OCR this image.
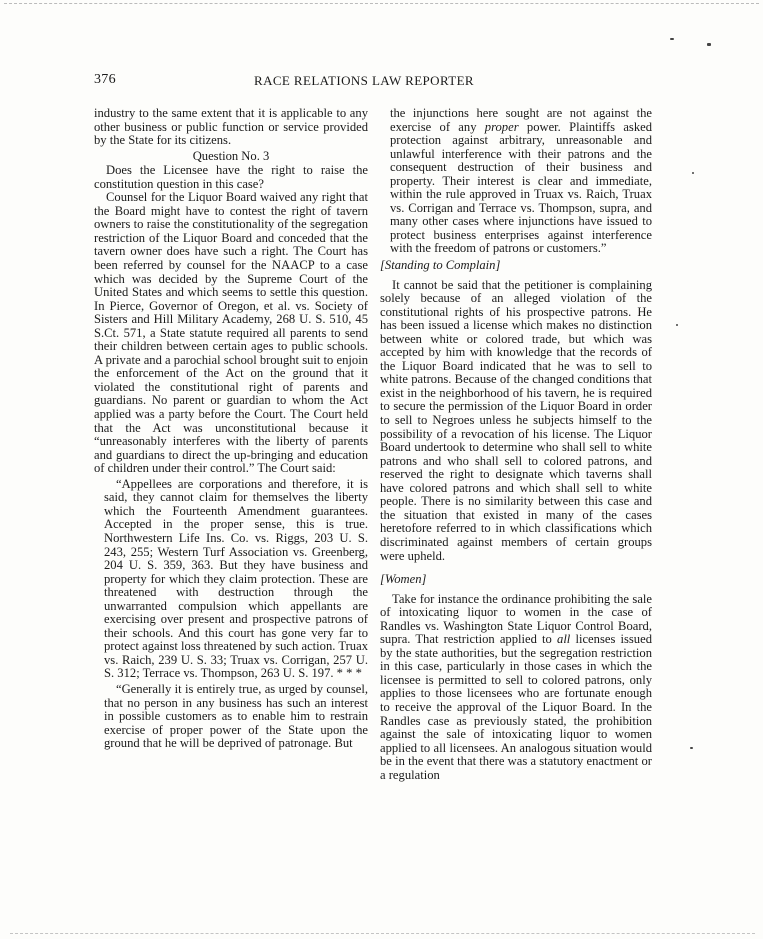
376	RACE RELATIONS LAW REPORTER

industry to the same extent that it is applicable to any other business or public function or service provided by the State for its citizens.

Question No. 3

Does the Licensee have the right to raise the constitution question in this case?

Counsel for the Liquor Board waived any right that the Board might have to contest the right of tavern owners to raise the constitutionality of the segregation restriction of the Liquor Board and conceded that the tavern owner does have such a right. The Court has been referred by counsel for the NAACP to a case which was decided by the Supreme Court of the United States and which seems to settle this question. In Pierce, Governor of Oregon, et al. vs. Society of Sisters and Hill Military Academy, 268 U. S. 510, 45 S.Ct. 571, a State statute required all parents to send their children between certain ages to public schools. A private and a parochial school brought suit to enjoin the enforcement of the Act on the ground that it violated the constitutional right of parents and guardians. No parent or guardian to whom the Act applied was a party before the Court. The Court held that the Act was unconstitutional because it “unreasonably interferes with the liberty of parents and guardians to direct the up-bringing and education of children under their control.” The Court said:

“Appellees are corporations and therefore, it is said, they cannot claim for themselves the liberty which the Fourteenth Amendment guarantees. Accepted in the proper sense, this is true. Northwestern Life Ins. Co. vs. Riggs, 203 U. S. 243, 255; Western Turf Association vs. Greenberg, 204 U. S. 359, 363. But they have business and property for which they claim protection. These are threatened with destruction through the unwarranted compulsion which appellants are exercising over present and prospective patrons of their schools. And this court has gone very far to protect against loss threatened by such action. Truax vs. Raich, 239 U. S. 33; Truax vs. Corrigan, 257 U. S. 312; Terrace vs. Thompson, 263 U. S. 197. * * *

“Generally it is entirely true, as urged by counsel, that no person in any business has such an interest in possible customers as to enable him to restrain exercise of proper power of the State upon the ground that he will be deprived of patronage. But

the injunctions here sought are not against the exercise of any proper power. Plaintiffs asked protection against arbitrary, unreasonable and unlawful interference with their patrons and the consequent destruction of their business and property. Their interest is clear and immediate, within the rule approved in Truax vs. Raich, Truax vs. Corrigan and Terrace vs. Thompson, supra, and many other cases where injunctions have issued to protect business enterprises against interference with the freedom of patrons or customers.”

[Standing to Complain]

It cannot be said that the petitioner is complaining solely because of an alleged violation of the constitutional rights of his prospective patrons. He has been issued a license which makes no distinction between white or colored trade, but which was accepted by him with knowledge that the records of the Liquor Board indicated that he was to sell to white patrons. Because of the changed conditions that exist in the neighborhood of his tavern, he is required to secure the permission of the Liquor Board in order to sell to Negroes unless he subjects himself to the possibility of a revocation of his license. The Liquor Board undertook to determine who shall sell to white patrons and who shall sell to colored patrons, and reserved the right to designate which taverns shall have colored patrons and which shall sell to white people. There is no similarity between this case and the situation that existed in many of the cases heretofore referred to in which classifications which discriminated against members of certain groups were upheld.

[Women]

Take for instance the ordinance prohibiting the sale of intoxicating liquor to women in the case of Randles vs. Washington State Liquor Control Board, supra. That restriction applied to all licenses issued by the state authorities, but the segregation restriction in this case, particularly in those cases in which the licensee is permitted to sell to colored patrons, only applies to those licensees who are fortunate enough to receive the approval of the Liquor Board. In the Randles case as previously stated, the prohibition against the sale of intoxicating liquor to women applied to all licensees. An analogous situation would be in the event that there was a statutory enactment or a regulation
